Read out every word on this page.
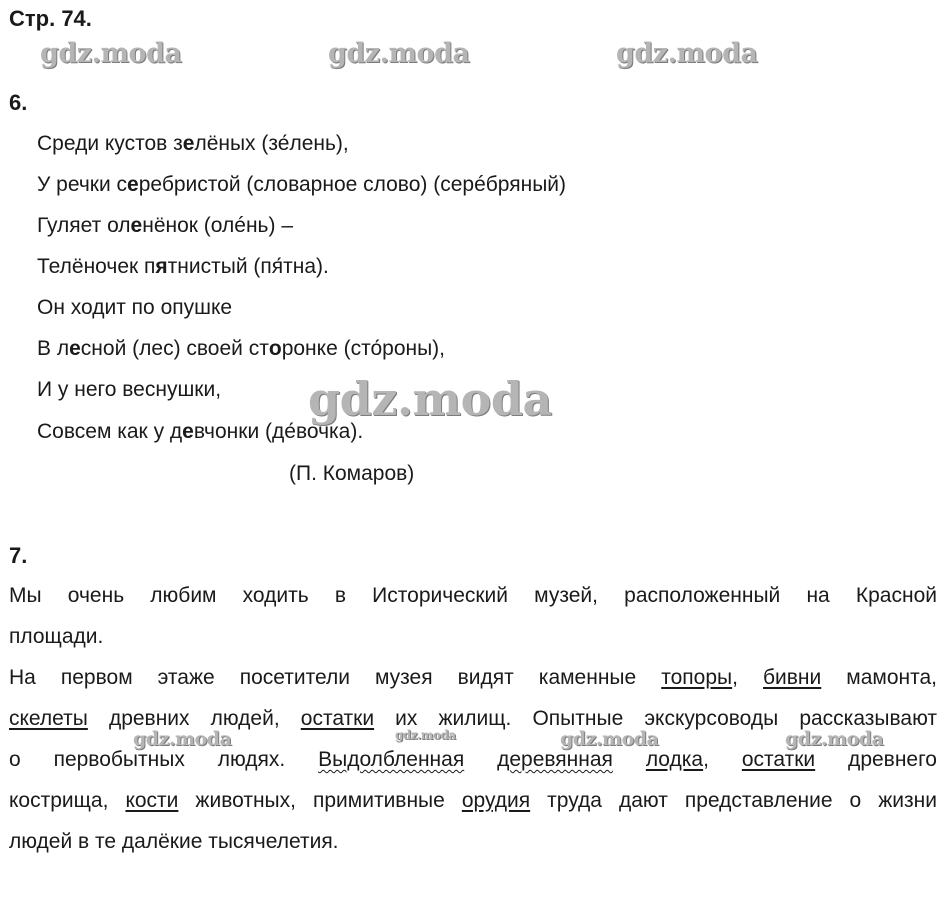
Стр. 74.
gdz.moda	gdz.moda	gdz.moda
6.
Среди кустов зелёных (зе́лень),
У речки серебристой (словарное слово) (серéбряный)
Гуляет оленёнок (олéнь) –
Телёночек пятнистый (пя́тна).
Он ходит по опушке
В лесной (лес) своей сторонке (сто́роны),
И у него веснушки,
Совсем как у девчонки (де́вочка).
gdz.moda
(П. Комаров)
7.
Мы очень любим ходить в Исторический музей, расположенный на Красной
площади.
На первом этаже посетители музея видят каменные топоры, бивни мамонта,
скелеты древних людей, остатки их жилищ. Опытные экскурсоводы рассказывают
gdz.moda	gdz.moda	gdz.moda	gdz.moda
о первобытных людях. Выдолбленная деревянная лодка, остатки древнего
кострища, кости животных, примитивные орудия труда дают представление о жизни
людей в те далёкие тысячелетия.
